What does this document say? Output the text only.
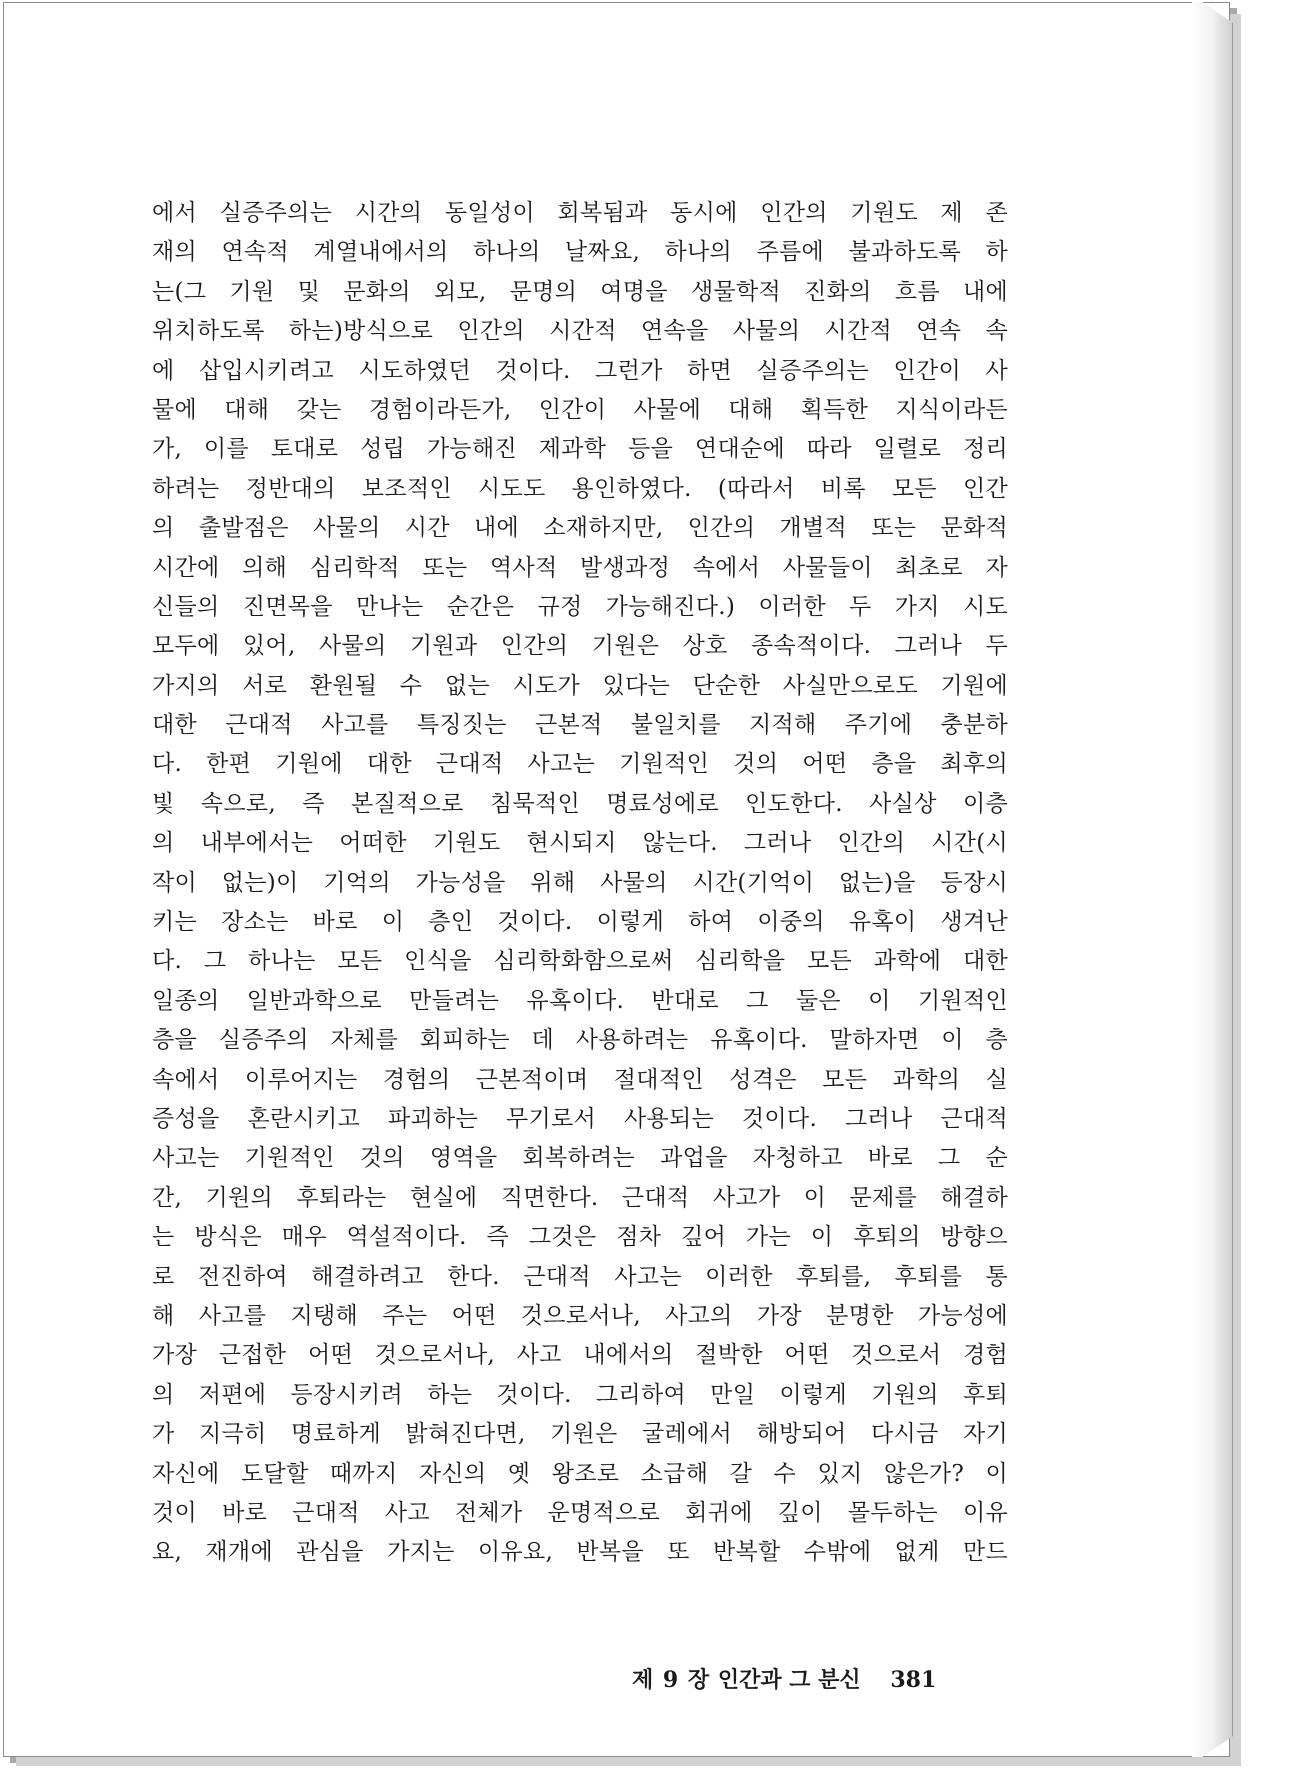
에서 실증주의는 시간의 동일성이 회복됨과 동시에 인간의 기원도 제 존
재의 연속적 계열내에서의 하나의 날짜요, 하나의 주름에 불과하도록 하
는(그 기원 및 문화의 외모, 문명의 여명을 생물학적 진화의 흐름 내에
위치하도록 하는)방식으로 인간의 시간적 연속을 사물의 시간적 연속 속
에 삽입시키려고 시도하였던 것이다. 그런가 하면 실증주의는 인간이 사
물에 대해 갖는 경험이라든가, 인간이 사물에 대해 획득한 지식이라든
가, 이를 토대로 성립 가능해진 제과학 등을 연대순에 따라 일렬로 정리
하려는 정반대의 보조적인 시도도 용인하였다. (따라서 비록 모든 인간
의 출발점은 사물의 시간 내에 소재하지만, 인간의 개별적 또는 문화적
시간에 의해 심리학적 또는 역사적 발생과정 속에서 사물들이 최초로 자
신들의 진면목을 만나는 순간은 규정 가능해진다.) 이러한 두 가지 시도
모두에 있어, 사물의 기원과 인간의 기원은 상호 종속적이다. 그러나 두
가지의 서로 환원될 수 없는 시도가 있다는 단순한 사실만으로도 기원에
대한 근대적 사고를 특징짓는 근본적 불일치를 지적해 주기에 충분하
다. 한편 기원에 대한 근대적 사고는 기원적인 것의 어떤 층을 최후의
빛 속으로, 즉 본질적으로 침묵적인 명료성에로 인도한다. 사실상 이층
의 내부에서는 어떠한 기원도 현시되지 않는다. 그러나 인간의 시간(시
작이 없는)이 기억의 가능성을 위해 사물의 시간(기억이 없는)을 등장시
키는 장소는 바로 이 층인 것이다. 이렇게 하여 이중의 유혹이 생겨난
다. 그 하나는 모든 인식을 심리학화함으로써 심리학을 모든 과학에 대한
일종의 일반과학으로 만들려는 유혹이다. 반대로 그 둘은 이 기원적인
층을 실증주의 자체를 회피하는 데 사용하려는 유혹이다. 말하자면 이 층
속에서 이루어지는 경험의 근본적이며 절대적인 성격은 모든 과학의 실
증성을 혼란시키고 파괴하는 무기로서 사용되는 것이다. 그러나 근대적
사고는 기원적인 것의 영역을 회복하려는 과업을 자청하고 바로 그 순
간, 기원의 후퇴라는 현실에 직면한다. 근대적 사고가 이 문제를 해결하
는 방식은 매우 역설적이다. 즉 그것은 점차 깊어 가는 이 후퇴의 방향으
로 전진하여 해결하려고 한다. 근대적 사고는 이러한 후퇴를, 후퇴를 통
해 사고를 지탱해 주는 어떤 것으로서나, 사고의 가장 분명한 가능성에
가장 근접한 어떤 것으로서나, 사고 내에서의 절박한 어떤 것으로서 경험
의 저편에 등장시키려 하는 것이다. 그리하여 만일 이렇게 기원의 후퇴
가 지극히 명료하게 밝혀진다면, 기원은 굴레에서 해방되어 다시금 자기
자신에 도달할 때까지 자신의 옛 왕조로 소급해 갈 수 있지 않은가? 이
것이 바로 근대적 사고 전체가 운명적으로 회귀에 깊이 몰두하는 이유
요, 재개에 관심을 가지는 이유요, 반복을 또 반복할 수밖에 없게 만드
제 9 장 인간과 그 분신 381
